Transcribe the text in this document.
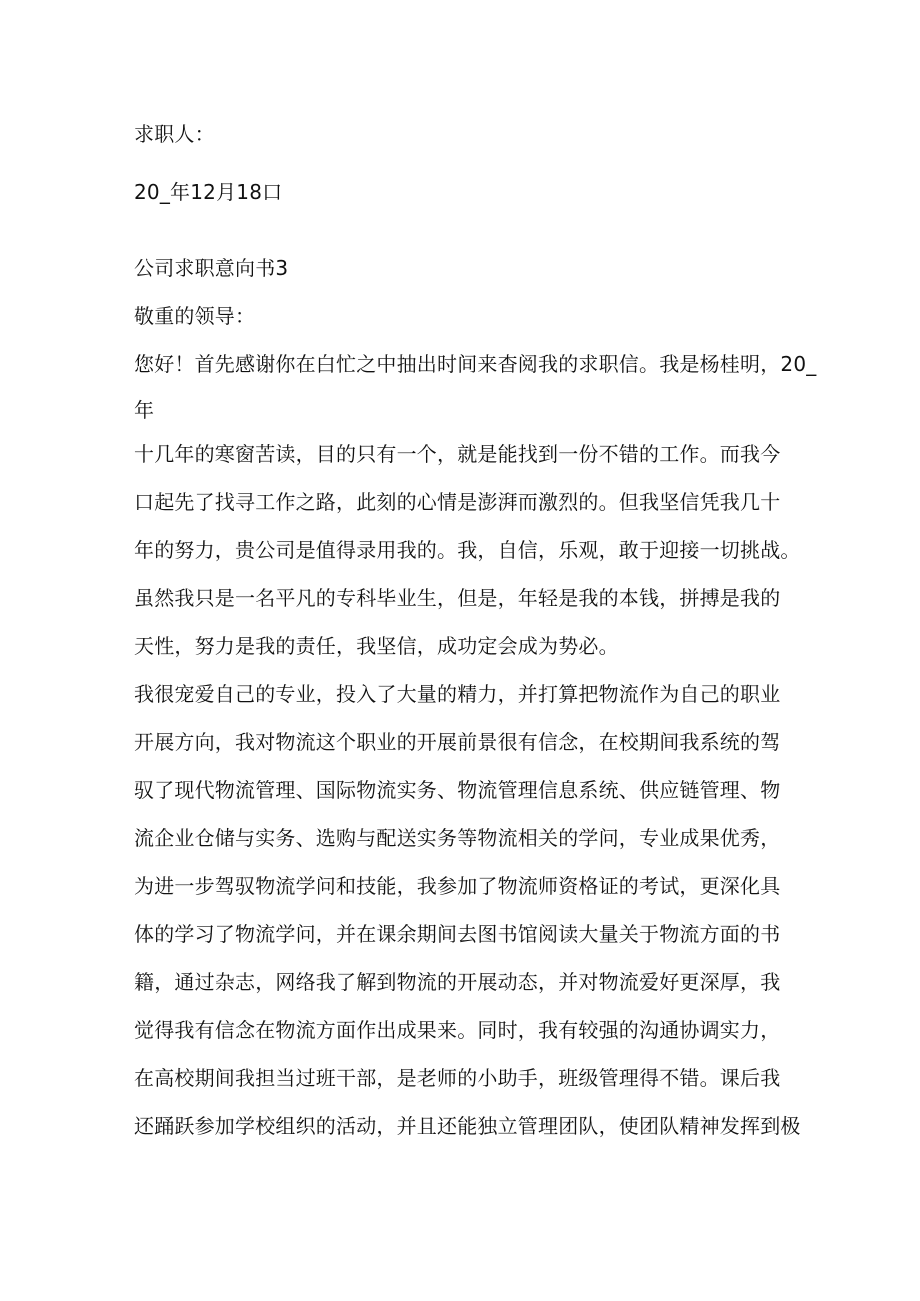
求职人：
20_年12月18口
公司求职意向书3
敬重的领导：
您好！首先感谢你在白忙之中抽出时间来杳阅我的求职信。我是杨桂明，20_
年
十几年的寒窗苦读，目的只有一个，就是能找到一份不错的工作。而我今
口起先了找寻工作之路，此刻的心情是澎湃而激烈的。但我坚信凭我几十
年的努力，贵公司是值得录用我的。我，自信，乐观，敢于迎接一切挑战。
虽然我只是一名平凡的专科毕业生，但是，年轻是我的本钱，拼搏是我的
天性，努力是我的责任，我坚信，成功定会成为势必。
我很宠爱自己的专业，投入了大量的精力，并打算把物流作为自己的职业
开展方向，我对物流这个职业的开展前景很有信念，在校期间我系统的驾
驭了现代物流管理、国际物流实务、物流管理信息系统、供应链管理、物
流企业仓储与实务、选购与配送实务等物流相关的学问，专业成果优秀，
为进一步驾驭物流学问和技能，我参加了物流师资格证的考试，更深化具
体的学习了物流学问，并在课余期间去图书馆阅读大量关于物流方面的书
籍，通过杂志，网络我了解到物流的开展动态，并对物流爱好更深厚，我
觉得我有信念在物流方面作出成果来。同时，我有较强的沟通协调实力，
在高校期间我担当过班干部，是老师的小助手，班级管理得不错。课后我
还踊跃参加学校组织的活动，并且还能独立管理团队，使团队精神发挥到极
